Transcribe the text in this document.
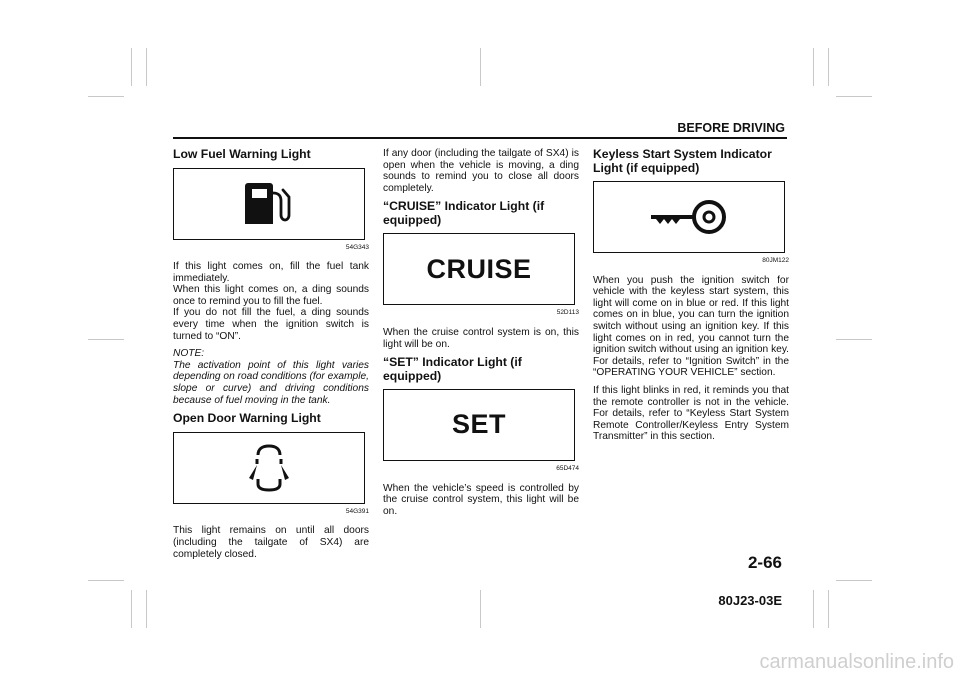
BEFORE DRIVING
Low Fuel Warning Light
54G343

If this light comes on, fill the fuel tank immediately.

When this light comes on, a ding sounds once to remind you to fill the fuel.

If you do not fill the fuel, a ding sounds every time when the ignition switch is turned to “ON”.

NOTE:

The activation point of this light varies depending on road conditions (for example, slope or curve) and driving conditions because of fuel moving in the tank.

Open Door Warning Light
54G391

This light remains on until all doors (including the tailgate of SX4) are completely closed.

If any door (including the tailgate of SX4) is open when the vehicle is moving, a ding sounds to remind you to close all doors completely.

“CRUISE” Indicator Light (if equipped)
CRUISE
52D113

When the cruise control system is on, this light will be on.

“SET” Indicator Light (if equipped)
SET
65D474

When the vehicle’s speed is controlled by the cruise control system, this light will be on.

Keyless Start System Indicator Light (if equipped)
80JM122

When you push the ignition switch for vehicle with the keyless start system, this light will come on in blue or red. If this light comes on in blue, you can turn the ignition switch without using an ignition key. If this light comes on in red, you cannot turn the ignition switch without using an ignition key. For details, refer to “Ignition Switch” in the “OPERATING YOUR VEHICLE” section.

If this light blinks in red, it reminds you that the remote controller is not in the vehicle. For details, refer to “Keyless Start System Remote Controller/Keyless Entry System Transmitter” in this section.

2-66
80J23-03E
carmanualsonline.info
